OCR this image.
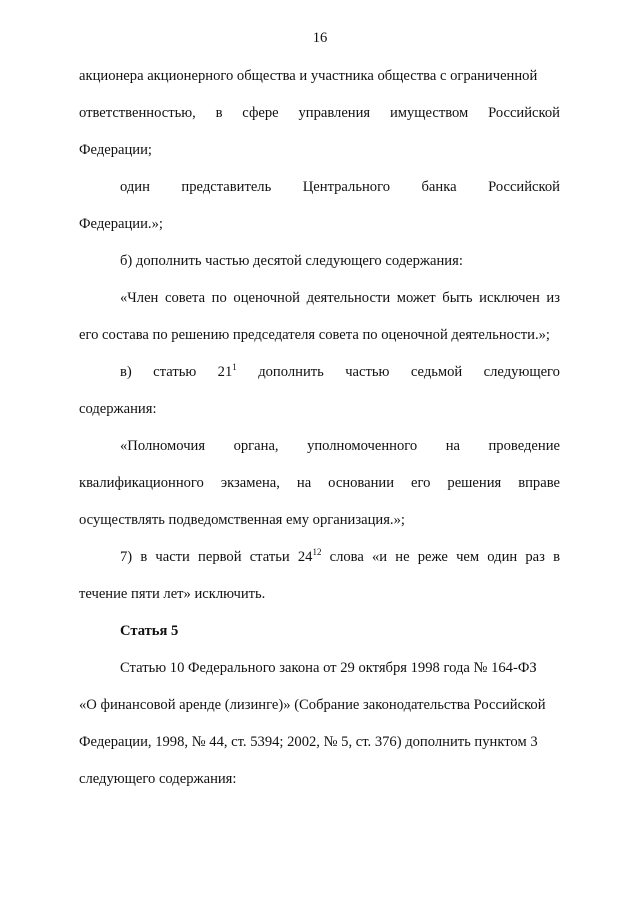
16

акционера акционерного общества и участника общества с ограниченной

ответственностью, в сфере управления имуществом Российской

Федерации;

один представитель Центрального банка Российской

Федерации.»;

б) дополнить частью десятой следующего содержания:

«Член совета по оценочной деятельности может быть исключен из

его состава по решению председателя совета по оценочной деятельности.»;

в) статью $21^1$ дополнить частью седьмой следующего

содержания:

«Полномочия органа, уполномоченного на проведение

квалификационного экзамена, на основании его решения вправе

осуществлять подведомственная ему организация.»;

7) в части первой статьи $24^{12}$ слова «и не реже чем один раз в

течение пяти лет» исключить.

Статья 5

Статью 10 Федерального закона от 29 октября 1998 года № 164-ФЗ

«О финансовой аренде (лизинге)» (Собрание законодательства Российской

Федерации, 1998, № 44, ст. 5394; 2002, № 5, ст. 376) дополнить пунктом 3

следующего содержания:
